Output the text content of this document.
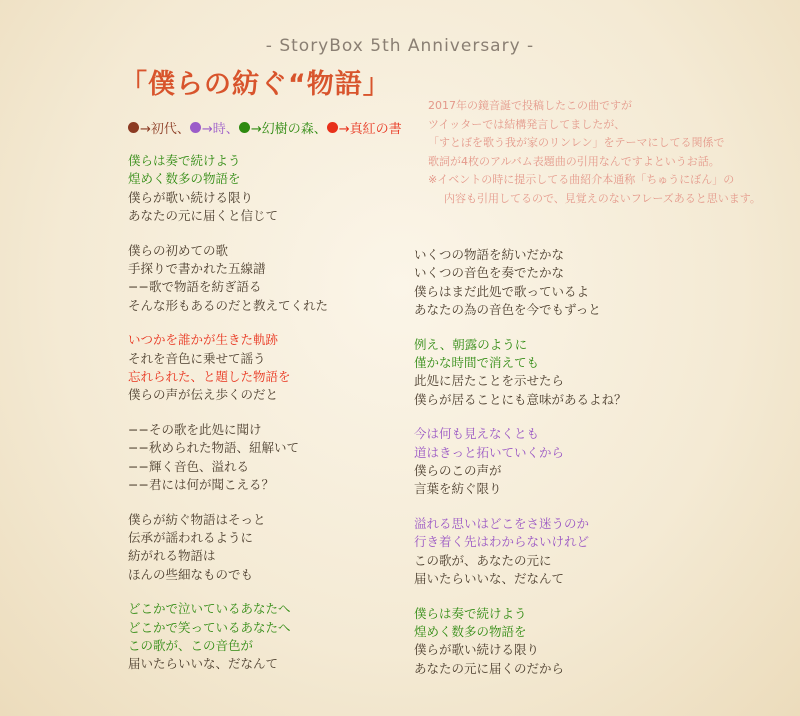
- StoryBox 5th Anniversary -
「僕らの紡ぐ“物語」
→初代、 →時、 →幻樹の森、 →真紅の書
2017年の鏡音誕で投稿したこの曲ですが
ツイッターでは結構発言してましたが、
「すとぼを歌う我が家のリンレン」をテーマにしてる関係で
歌詞が4枚のアルバム表題曲の引用なんですよというお話。
※イベントの時に提示してる曲紹介本通称「ちゅうにぼん」の
内容も引用してるので、見覚えのないフレーズあると思います。
僕らは奏で続けよう
煌めく数多の物語を
僕らが歌い続ける限り
あなたの元に届くと信じて
僕らの初めての歌
手探りで書かれた五線譜
−−歌で物語を紡ぎ語る
そんな形もあるのだと教えてくれた
いつかを誰かが生きた軌跡
それを音色に乗せて謡う
忘れられた、と題した物語を
僕らの声が伝え歩くのだと
−−その歌を此処に聞け
−−秋められた物語、紐解いて
−−輝く音色、溢れる
−−君には何が聞こえる？
僕らが紡ぐ物語はそっと
伝承が謡われるように
紡がれる物語は
ほんの些細なものでも
どこかで泣いているあなたへ
どこかで笑っているあなたへ
この歌が、この音色が
届いたらいいな、だなんて
いくつの物語を紡いだかな
いくつの音色を奏でたかな
僕らはまだ此処で歌っているよ
あなたの為の音色を今でもずっと
例え、朝露のように
僅かな時間で消えても
此処に居たことを示せたら
僕らが居ることにも意味があるよね？
今は何も見えなくとも
道はきっと拓いていくから
僕らのこの声が
言葉を紡ぐ限り
溢れる思いはどこをさ迷うのか
行き着く先はわからないけれど
この歌が、あなたの元に
届いたらいいな、だなんて
僕らは奏で続けよう
煌めく数多の物語を
僕らが歌い続ける限り
あなたの元に届くのだから
